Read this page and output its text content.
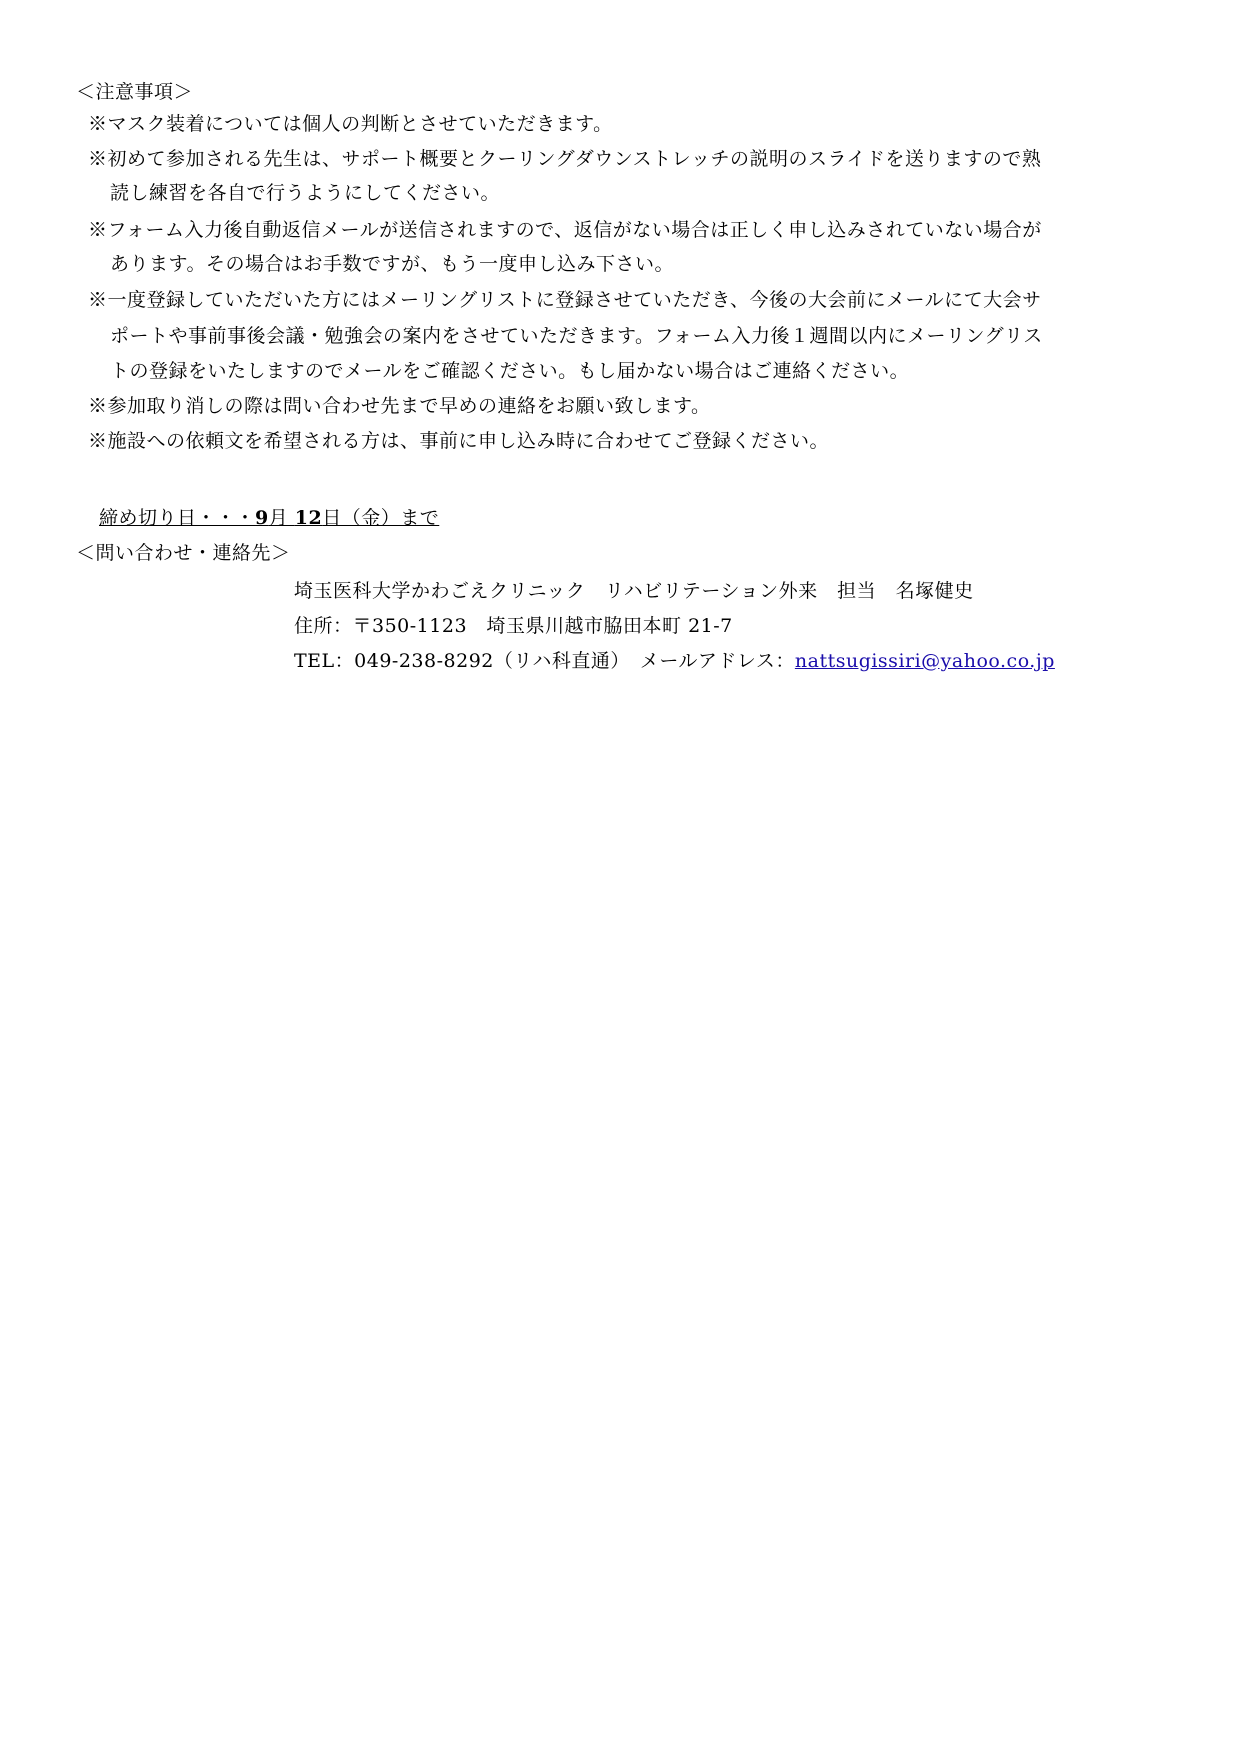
＜注意事項＞
※マスク装着については個人の判断とさせていただきます。
※初めて参加される先生は、サポート概要とクーリングダウンストレッチの説明のスライドを送りますので熟
読し練習を各自で行うようにしてください。
※フォーム入力後自動返信メールが送信されますので、返信がない場合は正しく申し込みされていない場合が
あります。その場合はお手数ですが、もう一度申し込み下さい。
※一度登録していただいた方にはメーリングリストに登録させていただき、今後の大会前にメールにて大会サ
ポートや事前事後会議・勉強会の案内をさせていただきます。フォーム入力後１週間以内にメーリングリス
トの登録をいたしますのでメールをご確認ください。もし届かない場合はご連絡ください。
※参加取り消しの際は問い合わせ先まで早めの連絡をお願い致します。
※施設への依頼文を希望される方は、事前に申し込み時に合わせてご登録ください。
締め切り日・・・9月 12日（金）まで
＜問い合わせ・連絡先＞
埼玉医科大学かわごえクリニック　リハビリテーション外来　担当　名塚健史
住所：〒350-1123　埼玉県川越市脇田本町 21-7
TEL：049-238-8292（リハ科直通）　メールアドレス：nattsugissiri@yahoo.co.jp
